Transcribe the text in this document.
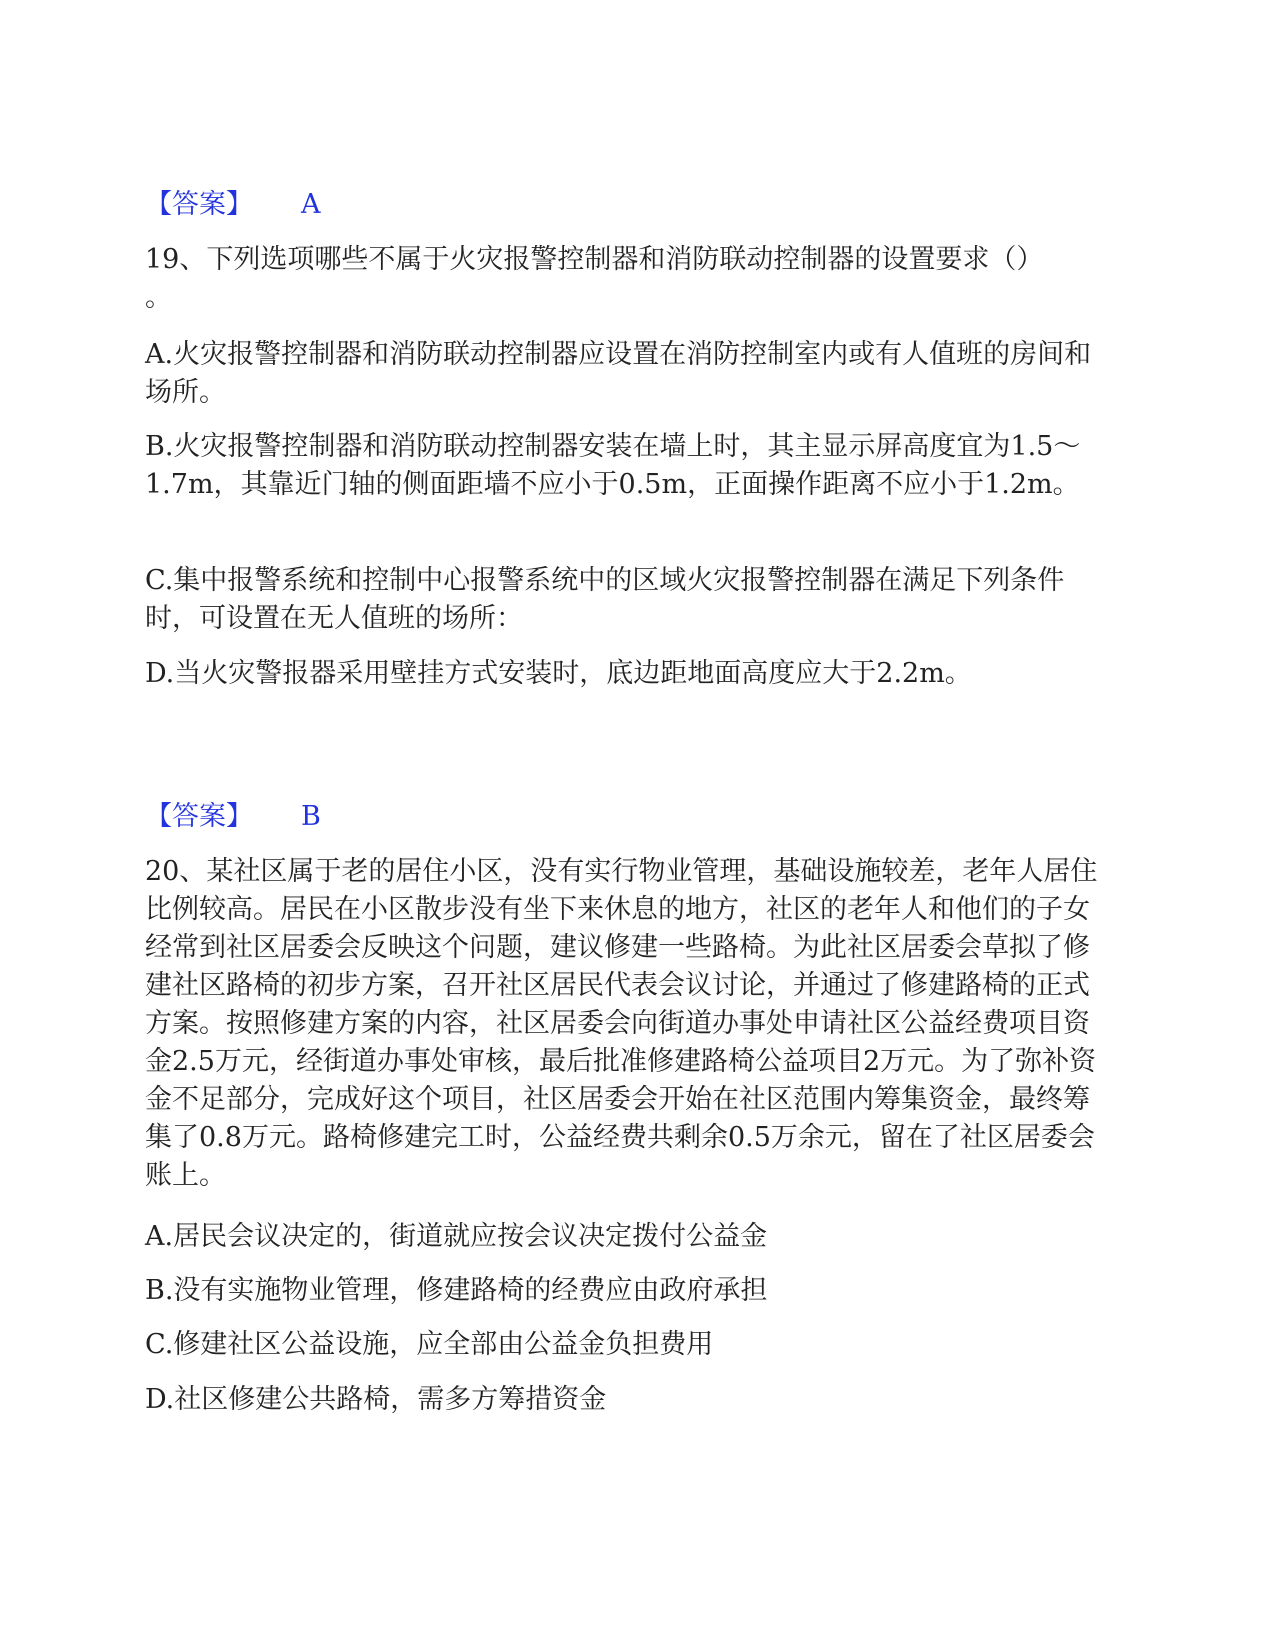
【答案】 A

19、下列选项哪些不属于火灾报警控制器和消防联动控制器的设置要求（）

。

A.火灾报警控制器和消防联动控制器应设置在消防控制室内或有人值班的房间和场所。

B.火灾报警控制器和消防联动控制器安装在墙上时，其主显示屏高度宜为1.5～1.7m，其靠近门轴的侧面距墙不应小于0.5m，正面操作距离不应小于1.2m。

C.集中报警系统和控制中心报警系统中的区域火灾报警控制器在满足下列条件时，可设置在无人值班的场所：

D.当火灾警报器采用壁挂方式安装时，底边距地面高度应大于2.2m。

【答案】 B

20、某社区属于老的居住小区，没有实行物业管理，基础设施较差，老年人居住比例较高。居民在小区散步没有坐下来休息的地方，社区的老年人和他们的子女经常到社区居委会反映这个问题，建议修建一些路椅。为此社区居委会草拟了修建社区路椅的初步方案，召开社区居民代表会议讨论，并通过了修建路椅的正式方案。按照修建方案的内容，社区居委会向街道办事处申请社区公益经费项目资金2.5万元，经街道办事处审核，最后批准修建路椅公益项目2万元。为了弥补资金不足部分，完成好这个项目，社区居委会开始在社区范围内筹集资金，最终筹集了0.8万元。路椅修建完工时，公益经费共剩余0.5万余元，留在了社区居委会账上。

A.居民会议决定的，街道就应按会议决定拨付公益金

B.没有实施物业管理，修建路椅的经费应由政府承担

C.修建社区公益设施，应全部由公益金负担费用

D.社区修建公共路椅，需多方筹措资金
